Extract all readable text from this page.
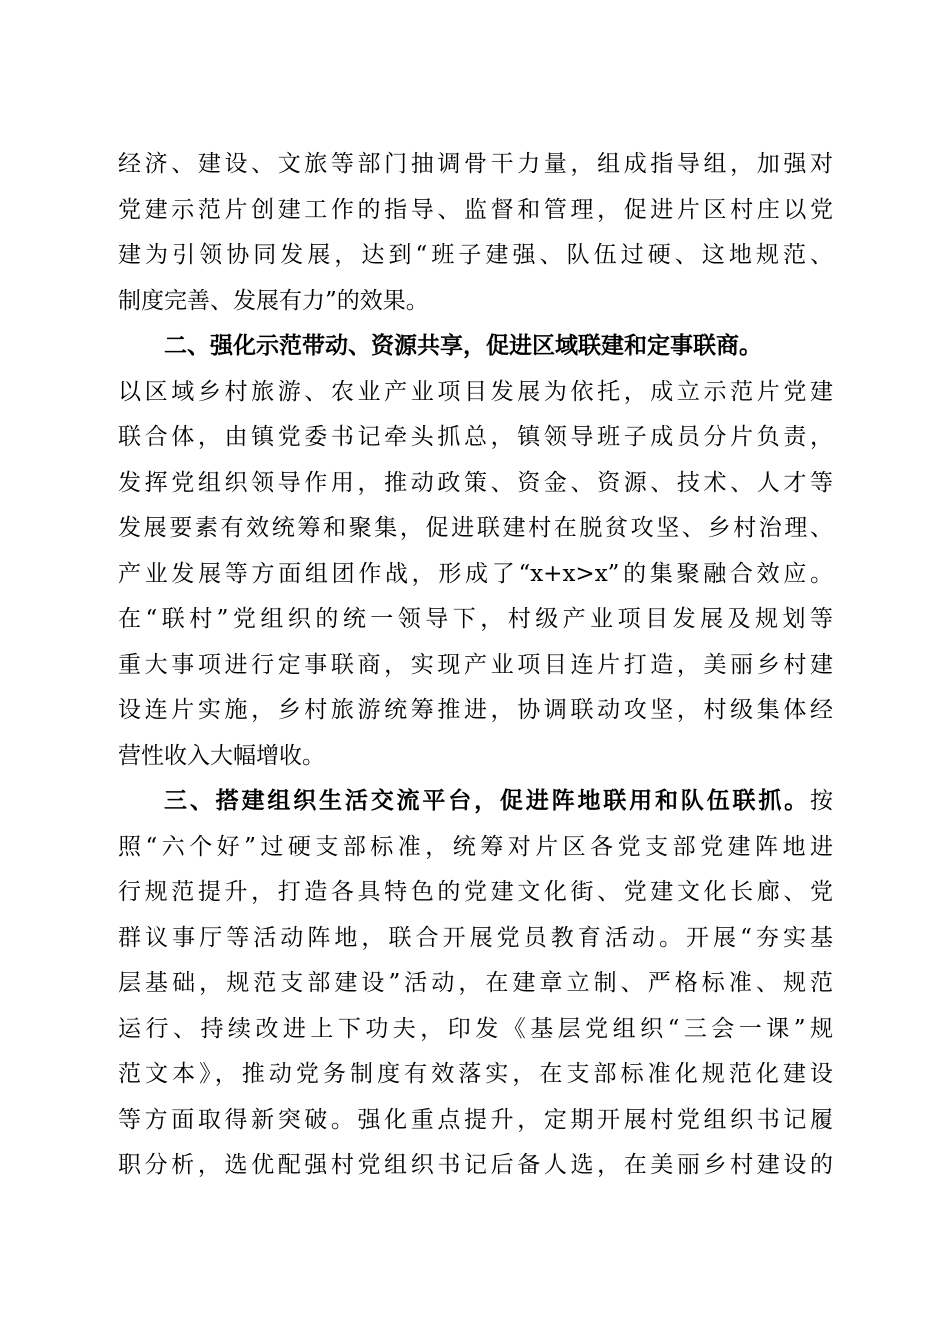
经济、建设、文旅等部门抽调骨干力量，组成指导组，加强对
党建示范片创建工作的指导、监督和管理，促进片区村庄以党
建为引领协同发展，达到“班子建强、队伍过硬、这地规范、
制度完善、发展有力”的效果。
二、强化示范带动、资源共享，促进区域联建和定事联商。
以区域乡村旅游、农业产业项目发展为依托，成立示范片党建
联合体，由镇党委书记牵头抓总，镇领导班子成员分片负责，
发挥党组织领导作用，推动政策、资金、资源、技术、人才等
发展要素有效统筹和聚集，促进联建村在脱贫攻坚、乡村治理、
产业发展等方面组团作战，形成了“x+x>x”的集聚融合效应。
在“联村”党组织的统一领导下，村级产业项目发展及规划等
重大事项进行定事联商，实现产业项目连片打造，美丽乡村建
设连片实施，乡村旅游统筹推进，协调联动攻坚，村级集体经
营性收入大幅增收。
三、搭建组织生活交流平台，促进阵地联用和队伍联抓。按
照“六个好”过硬支部标准，统筹对片区各党支部党建阵地进
行规范提升，打造各具特色的党建文化街、党建文化长廊、党
群议事厅等活动阵地，联合开展党员教育活动。开展“夯实基
层基础，规范支部建设”活动，在建章立制、严格标准、规范
运行、持续改进上下功夫，印发《基层党组织“三会一课”规
范文本》，推动党务制度有效落实，在支部标准化规范化建设
等方面取得新突破。强化重点提升，定期开展村党组织书记履
职分析，选优配强村党组织书记后备人选，在美丽乡村建设的
